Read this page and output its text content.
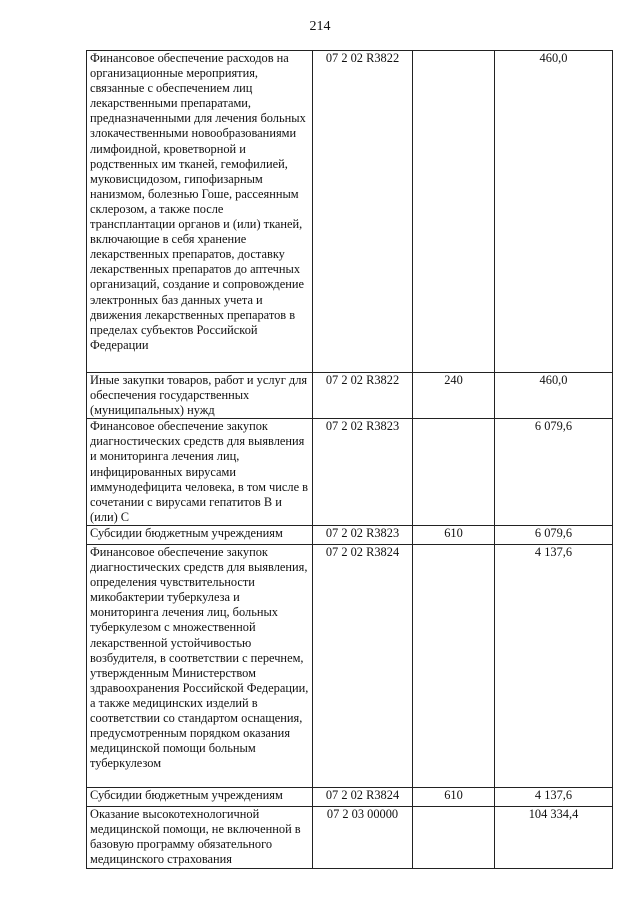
214
Финансовое обеспечение расходов на организационные мероприятия, связанные с обеспечением лиц лекарственными препаратами, предназначенными для лечения больных злокачественными новообразованиями лимфоидной, кроветворной и родственных им тканей, гемофилией, муковисцидозом, гипофизарным нанизмом, болезнью Гоше, рассеянным склерозом, а также после трансплантации органов и (или) тканей, включающие в себя хранение лекарственных препаратов, доставку лекарственных препаратов до аптечных организаций, создание и сопровождение электронных баз данных учета и движения лекарственных препаратов в пределах субъектов Российской Федерации	07 2 02 R3822		460,0

Иные закупки товаров, работ и услуг для обеспечения государственных (муниципальных) нужд	07 2 02 R3822	240	460,0

Финансовое обеспечение закупок диагностических средств для выявления и мониторинга лечения лиц, инфицированных вирусами иммунодефицита человека, в том числе в сочетании с вирусами гепатитов В и (или) С	07 2 02 R3823		6 079,6

Субсидии бюджетным учреждениям	07 2 02 R3823	610	6 079,6

Финансовое обеспечение закупок диагностических средств для выявления, определения чувствительности микобактерии туберкулеза и мониторинга лечения лиц, больных туберкулезом с множественной лекарственной устойчивостью возбудителя, в соответствии с перечнем, утвержденным Министерством здравоохранения Российской Федерации, а также медицинских изделий в соответствии со стандартом оснащения, предусмотренным порядком оказания медицинской помощи больным туберкулезом	07 2 02 R3824		4 137,6

Субсидии бюджетным учреждениям	07 2 02 R3824	610	4 137,6

Оказание высокотехнологичной медицинской помощи, не включенной в базовую программу обязательного медицинского страхования	07 2 03 00000		104 334,4
